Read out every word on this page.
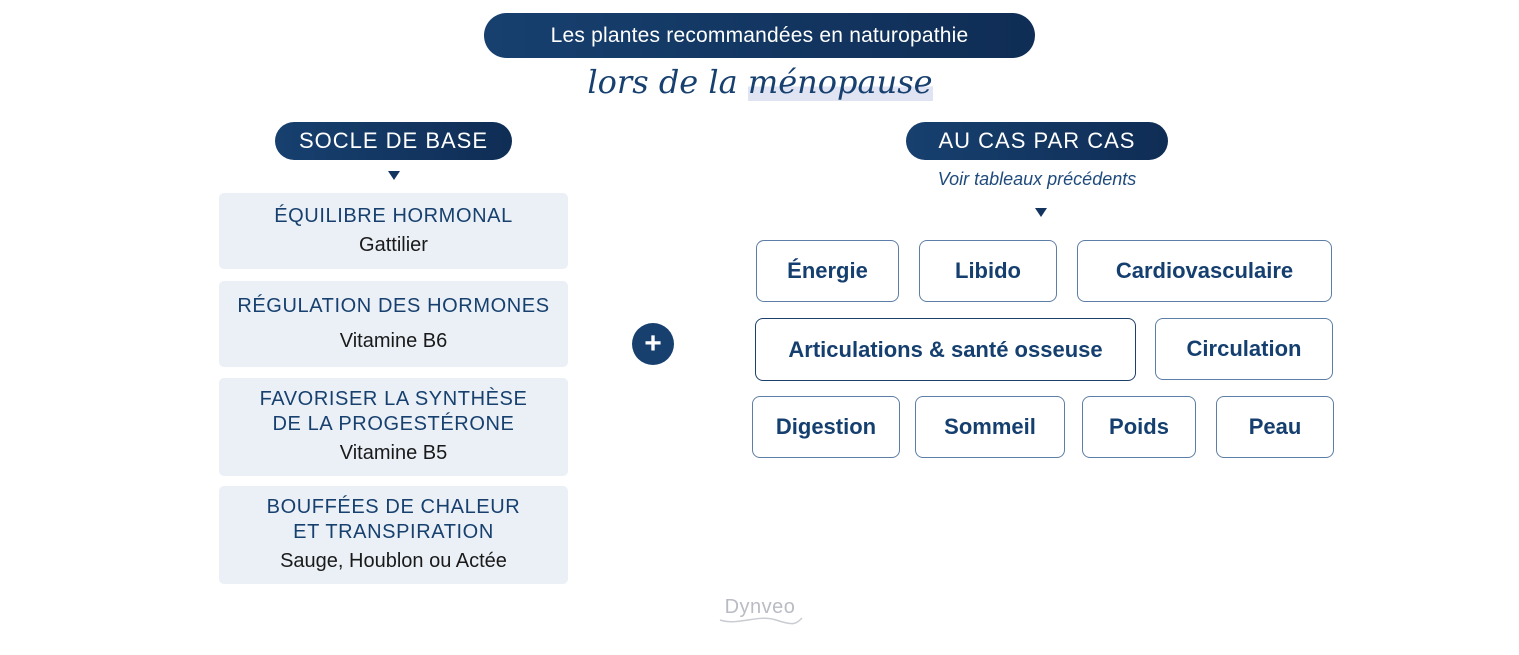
Les plantes recommandées en naturopathie
lors de la ménopause
SOCLE DE BASE
ÉQUILIBRE HORMONAL
Gattilier
RÉGULATION DES HORMONES
Vitamine B6
FAVORISER LA SYNTHÈSE
DE LA PROGESTÉRONE
Vitamine B5
BOUFFÉES DE CHALEUR
ET TRANSPIRATION
Sauge, Houblon ou Actée
+
AU CAS PAR CAS
Voir tableaux précédents
Énergie	Libido	Cardiovasculaire
Articulations & santé osseuse	Circulation
Digestion	Sommeil	Poids	Peau
Dynveo
